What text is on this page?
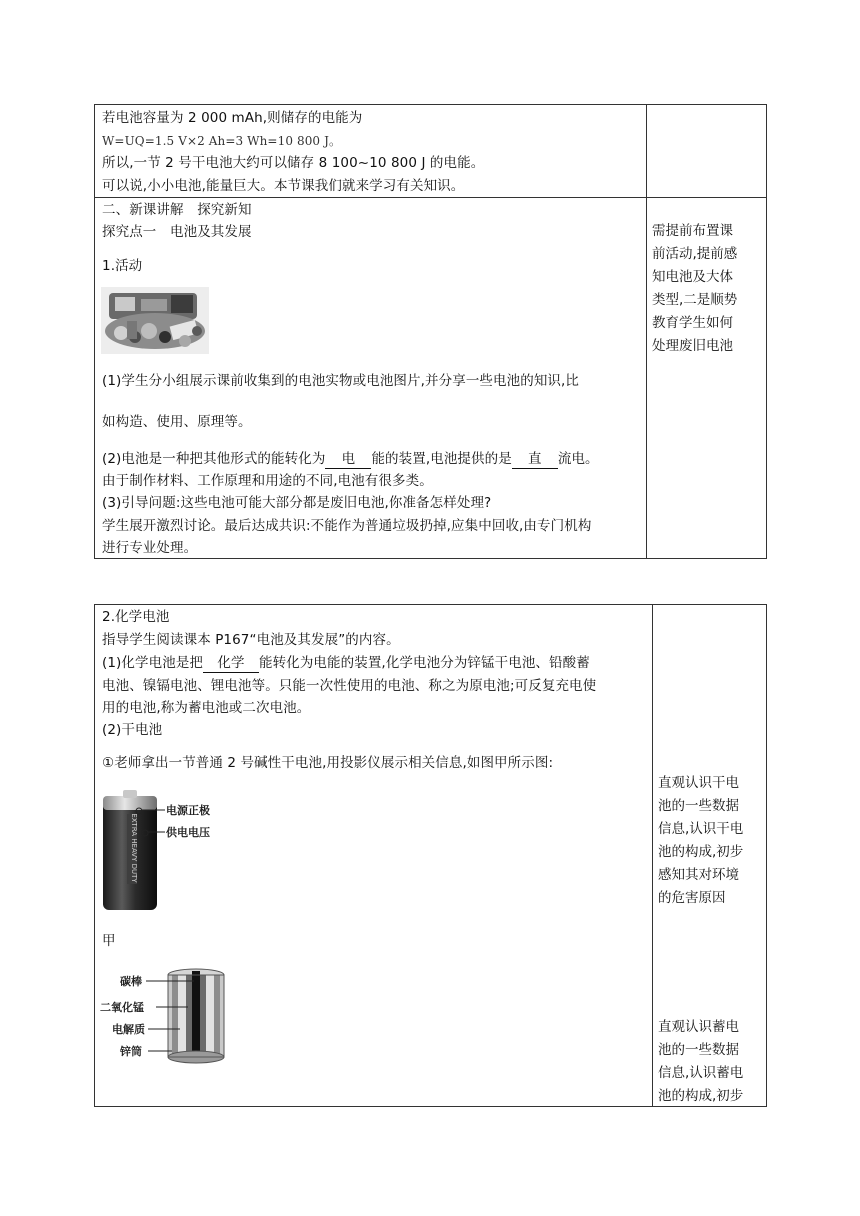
若电池容量为 2 000 mAh,则储存的电能为
W=UQ=1.5 V×2 Ah=3 Wh=10 800 J。
所以,一节 2 号干电池大约可以储存 8 100~10 800 J 的电能。
可以说,小小电池,能量巨大。本节课我们就来学习有关知识。
二、新课讲解　探究新知
探究点一　电池及其发展
1.活动
(1)学生分小组展示课前收集到的电池实物或电池图片,并分享一些电池的知识,比
如构造、使用、原理等。
(2)电池是一种把其他形式的能转化为 电 能的装置,电池提供的是 直 流电。
由于制作材料、工作原理和用途的不同,电池有很多类。
(3)引导问题:这些电池可能大部分都是废旧电池,你准备怎样处理?
学生展开激烈讨论。最后达成共识:不能作为普通垃圾扔掉,应集中回收,由专门机构
进行专业处理。
需提前布置课
前活动,提前感
知电池及大体
类型,二是顺势
教育学生如何
处理废旧电池
2.化学电池
指导学生阅读课本 P167“电池及其发展”的内容。
(1)化学电池是把 化学 能转化为电能的装置,化学电池分为锌锰干电池、铅酸蓄
电池、镍镉电池、锂电池等。只能一次性使用的电池、称之为原电池;可反复充电使
用的电池,称为蓄电池或二次电池。
(2)干电池
①老师拿出一节普通 2 号碱性干电池,用投影仪展示相关信息,如图甲所示图:
EXTRA HEAVY DUTY
电源正极
供电电压
甲
碳棒
二氧化锰
电解质
锌筒
直观认识干电
池的一些数据
信息,认识干电
池的构成,初步
感知其对环境
的危害原因
直观认识蓄电
池的一些数据
信息,认识蓄电
池的构成,初步
